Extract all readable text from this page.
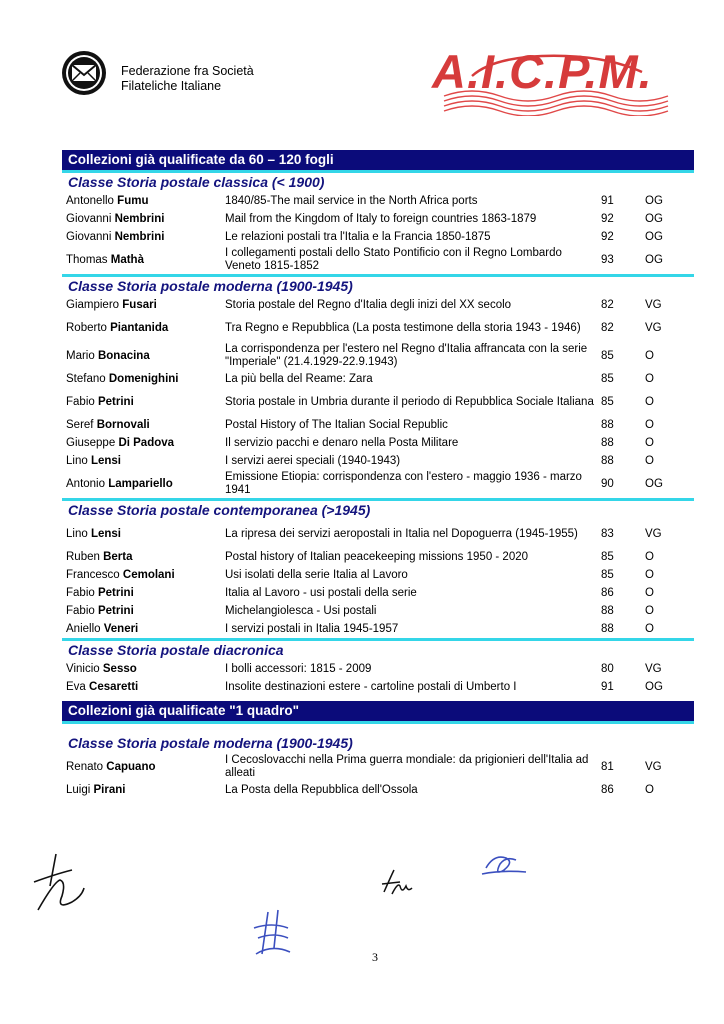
Federazione fra Società
Filateliche Italiane	A.I.C.P.M.
Collezioni già qualificate da 60 – 120 fogli
Classe Storia postale classica (< 1900)
Antonello Fumu	1840/85-The mail service in the North Africa ports	91	OG
Giovanni Nembrini	Mail from the Kingdom of Italy to foreign countries 1863-1879	92	OG
Giovanni Nembrini	Le relazioni postali tra l'Italia e la Francia 1850-1875	92	OG
Thomas Mathà	I collegamenti postali dello Stato Pontificio con il Regno Lombardo Veneto 1815-1852	93	OG
Classe Storia postale moderna (1900-1945)
Giampiero Fusari	Storia postale del Regno d'Italia degli inizi del XX secolo	82	VG
Roberto Piantanida	Tra Regno e Repubblica (La posta testimone della storia 1943 - 1946)	82	VG
Mario Bonacina	La corrispondenza per l'estero nel Regno d'Italia affrancata con la serie "Imperiale" (21.4.1929-22.9.1943)	85	O
Stefano Domenighini	La più bella del Reame: Zara	85	O
Fabio Petrini	Storia postale in Umbria durante il periodo di Repubblica Sociale Italiana	85	O
Seref Bornovali	Postal History of The Italian Social Republic	88	O
Giuseppe Di Padova	Il servizio pacchi e denaro nella Posta Militare	88	O
Lino Lensi	I servizi aerei speciali (1940-1943)	88	O
Antonio Lampariello	Emissione Etiopia: corrispondenza con l'estero - maggio 1936 - marzo 1941	90	OG
Classe Storia postale contemporanea (>1945)
Lino Lensi	La ripresa dei servizi aeropostali in Italia nel Dopoguerra (1945-1955)	83	VG
Ruben Berta	Postal history of Italian peacekeeping missions 1950 - 2020	85	O
Francesco Cemolani	Usi isolati della serie Italia al Lavoro	85	O
Fabio Petrini	Italia al Lavoro - usi postali della serie	86	O
Fabio Petrini	Michelangiolesca - Usi postali	88	O
Aniello Veneri	I servizi postali in Italia 1945-1957	88	O
Classe Storia postale diacronica
Vinicio Sesso	I bolli accessori: 1815 - 2009	80	VG
Eva Cesaretti	Insolite destinazioni estere - cartoline postali di Umberto I	91	OG
Collezioni già qualificate "1 quadro"
Classe Storia postale moderna (1900-1945)
Renato Capuano	I Cecoslovacchi nella Prima guerra mondiale: da prigionieri dell'Italia ad alleati	81	VG
Luigi Pirani	La Posta della Repubblica dell'Ossola	86	O
3
